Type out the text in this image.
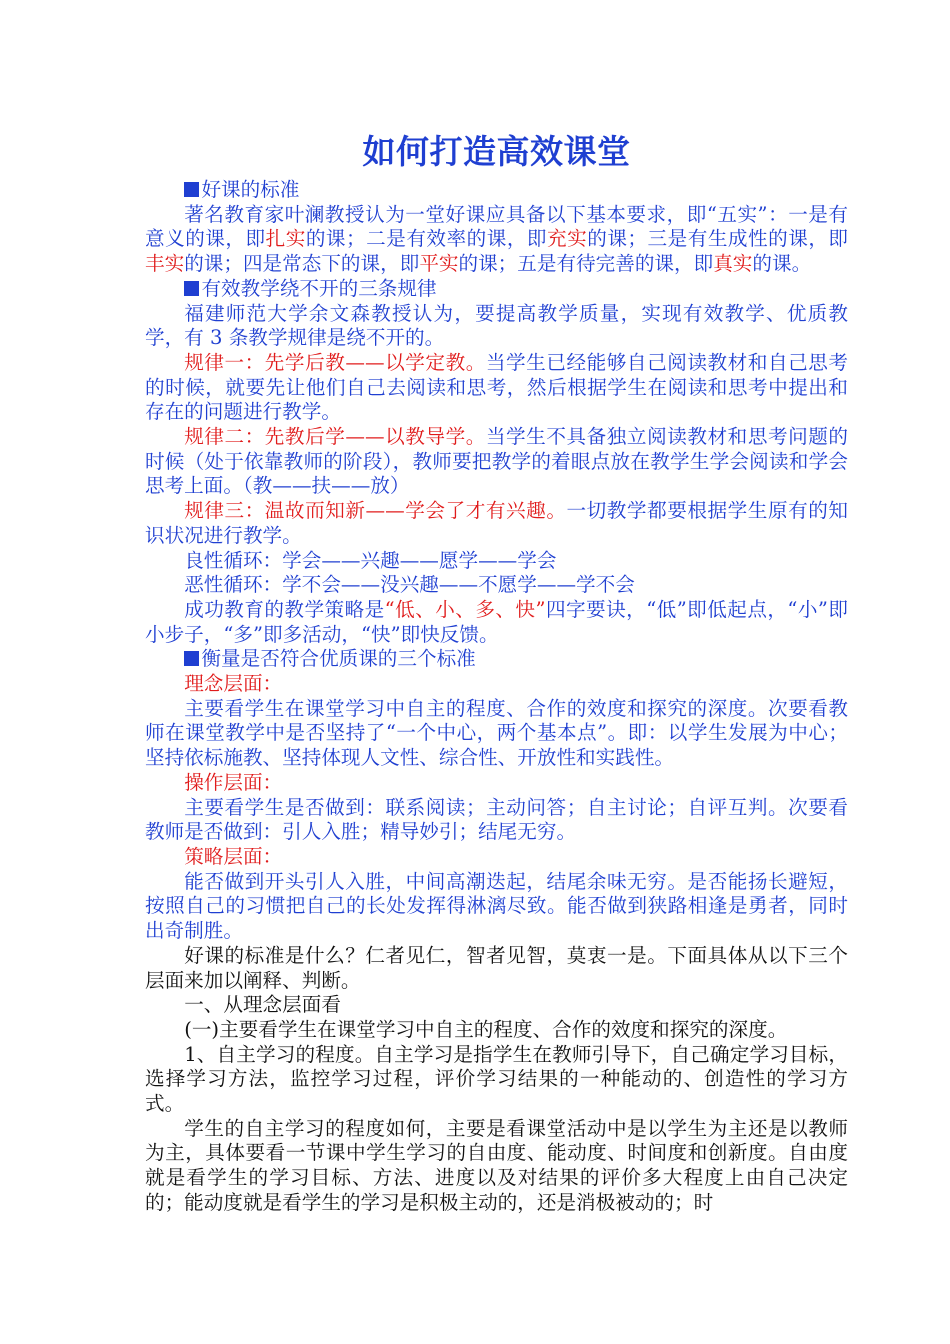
如何打造高效课堂

好课的标准

著名教育家叶澜教授认为一堂好课应具备以下基本要求，即“五实”：一是有意义的课，即扎实的课；二是有效率的课，即充实的课；三是有生成性的课，即丰实的课；四是常态下的课，即平实的课；五是有待完善的课，即真实的课。

有效教学绕不开的三条规律

福建师范大学余文森教授认为，要提高教学质量，实现有效教学、优质教学，有 3 条教学规律是绕不开的。

规律一：先学后教——以学定教。当学生已经能够自己阅读教材和自己思考的时候，就要先让他们自己去阅读和思考，然后根据学生在阅读和思考中提出和存在的问题进行教学。

规律二：先教后学——以教导学。当学生不具备独立阅读教材和思考问题的时候（处于依靠教师的阶段），教师要把教学的着眼点放在教学生学会阅读和学会思考上面。（教——扶——放）

规律三：温故而知新——学会了才有兴趣。一切教学都要根据学生原有的知识状况进行教学。

良性循环：学会——兴趣——愿学——学会

恶性循环：学不会——没兴趣——不愿学——学不会

成功教育的教学策略是“低、小、多、快”四字要诀，“低”即低起点，“小”即小步子，“多”即多活动，“快”即快反馈。

衡量是否符合优质课的三个标准

理念层面：

主要看学生在课堂学习中自主的程度、合作的效度和探究的深度。次要看教师在课堂教学中是否坚持了“一个中心，两个基本点”。即：以学生发展为中心；坚持依标施教、坚持体现人文性、综合性、开放性和实践性。

操作层面：

主要看学生是否做到：联系阅读；主动问答；自主讨论；自评互判。次要看教师是否做到：引人入胜；精导妙引；结尾无穷。

策略层面：

能否做到开头引人入胜，中间高潮迭起，结尾余味无穷。是否能扬长避短，按照自己的习惯把自己的长处发挥得淋漓尽致。能否做到狭路相逢是勇者，同时出奇制胜。

好课的标准是什么？仁者见仁，智者见智，莫衷一是。下面具体从以下三个层面来加以阐释、判断。

一、从理念层面看

(一)主要看学生在课堂学习中自主的程度、合作的效度和探究的深度。

1、自主学习的程度。自主学习是指学生在教师引导下，自己确定学习目标，选择学习方法，监控学习过程，评价学习结果的一种能动的、创造性的学习方式。

学生的自主学习的程度如何，主要是看课堂活动中是以学生为主还是以教师为主，具体要看一节课中学生学习的自由度、能动度、时间度和创新度。自由度就是看学生的学习目标、方法、进度以及对结果的评价多大程度上由自己决定的；能动度就是看学生的学习是积极主动的，还是消极被动的；时
